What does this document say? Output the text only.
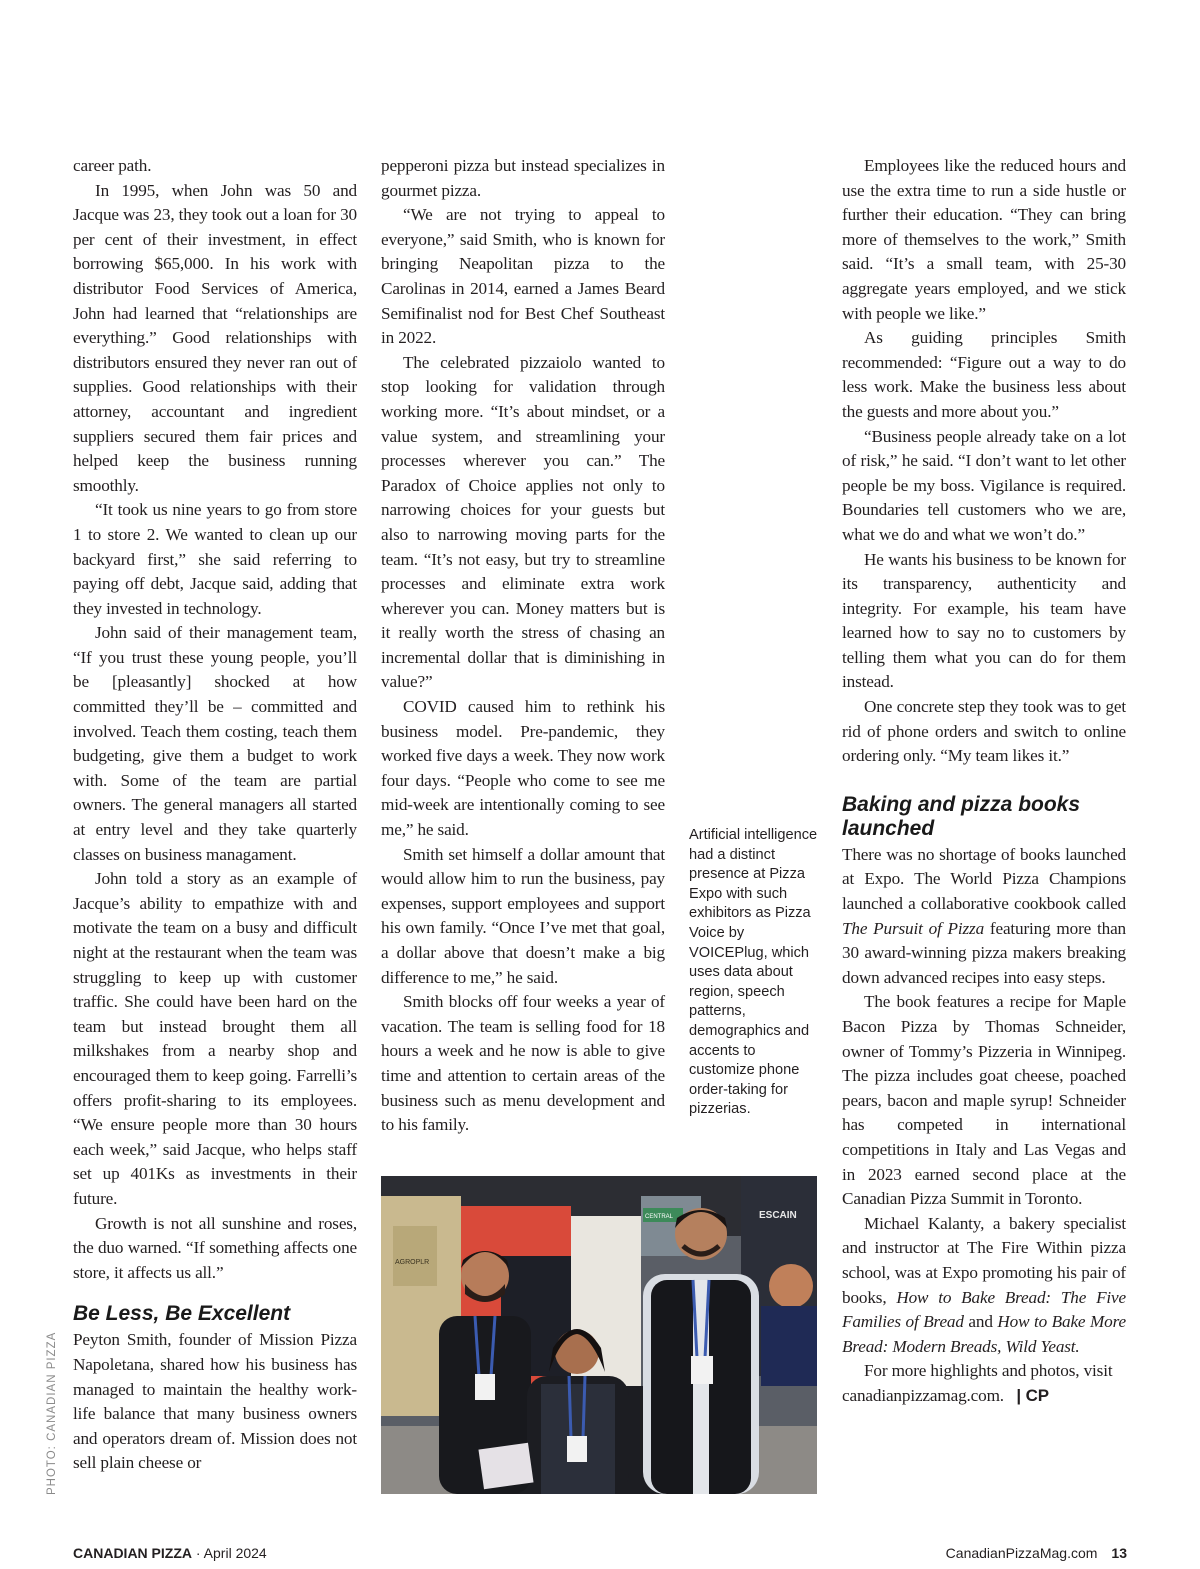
career path.

In 1995, when John was 50 and Jacque was 23, they took out a loan for 30 per cent of their investment, in effect borrowing $65,000. In his work with distributor Food Services of America, John had learned that “relationships are everything.” Good relationships with distributors ensured they never ran out of supplies. Good relationships with their attorney, accountant and ingredient suppliers secured them fair prices and helped keep the business running smoothly.

“It took us nine years to go from store 1 to store 2. We wanted to clean up our backyard first,” she said referring to paying off debt, Jacque said, adding that they invested in technology.

John said of their management team, “If you trust these young people, you’ll be [pleasantly] shocked at how committed they’ll be – committed and involved. Teach them costing, teach them budgeting, give them a budget to work with. Some of the team are partial owners. The general managers all started at entry level and they take quarterly classes on business managament.

John told a story as an example of Jacque’s ability to empathize with and motivate the team on a busy and difficult night at the restaurant when the team was struggling to keep up with customer traffic. She could have been hard on the team but instead brought them all milkshakes from a nearby shop and encouraged them to keep going. Farrelli’s offers profit-sharing to its employees. “We ensure people more than 30 hours each week,” said Jacque, who helps staff set up 401Ks as investments in their future.

Growth is not all sunshine and roses, the duo warned. “If something affects one store, it affects us all.”

Be Less, Be Excellent

Peyton Smith, founder of Mission Pizza Napoletana, shared how his business has managed to maintain the healthy work-life balance that many business owners and operators dream of. Mission does not sell plain cheese or

pepperoni pizza but instead specializes in gourmet pizza.

“We are not trying to appeal to everyone,” said Smith, who is known for bringing Neapolitan pizza to the Carolinas in 2014, earned a James Beard Semifinalist nod for Best Chef Southeast in 2022.

The celebrated pizzaiolo wanted to stop looking for validation through working more. “It’s about mindset, or a value system, and streamlining your processes wherever you can.” The Paradox of Choice applies not only to narrowing choices for your guests but also to narrowing moving parts for the team. “It’s not easy, but try to streamline processes and eliminate extra work wherever you can. Money matters but is it really worth the stress of chasing an incremental dollar that is diminishing in value?”

COVID caused him to rethink his business model. Pre-pandemic, they worked five days a week. They now work four days. “People who come to see me mid-week are intentionally coming to see me,” he said.

Smith set himself a dollar amount that would allow him to run the business, pay expenses, support employees and support his own family. “Once I’ve met that goal, a dollar above that doesn’t make a big difference to me,” he said.

Smith blocks off four weeks a year of vacation. The team is selling food for 18 hours a week and he now is able to give time and attention to certain areas of the business such as menu development and to his family.

Artificial intelligence had a distinct presence at Pizza Expo with such exhibitors as Pizza Voice by VOICEPlug, which uses data about region, speech patterns, demographics and accents to customize phone order-taking for pizzerias.
AGROPLR
CENTRAL	ESCAIN

Employees like the reduced hours and use the extra time to run a side hustle or further their education. “They can bring more of themselves to the work,” Smith said. “It’s a small team, with 25-30 aggregate years employed, and we stick with people we like.”

As guiding principles Smith recommended: “Figure out a way to do less work. Make the business less about the guests and more about you.”

“Business people already take on a lot of risk,” he said. “I don’t want to let other people be my boss. Vigilance is required. Boundaries tell customers who we are, what we do and what we won’t do.”

He wants his business to be known for its transparency, authenticity and integrity. For example, his team have learned how to say no to customers by telling them what you can do for them instead.

One concrete step they took was to get rid of phone orders and switch to online ordering only. “My team likes it.”

Baking and pizza books launched

There was no shortage of books launched at Expo. The World Pizza Champions launched a collaborative cookbook called The Pursuit of Pizza featuring more than 30 award-winning pizza makers breaking down advanced recipes into easy steps.

The book features a recipe for Maple Bacon Pizza by Thomas Schneider, owner of Tommy’s Pizzeria in Winnipeg. The pizza includes goat cheese, poached pears, bacon and maple syrup! Schneider has competed in international competitions in Italy and Las Vegas and in 2023 earned second place at the Canadian Pizza Summit in Toronto.

Michael Kalanty, a bakery specialist and instructor at The Fire Within pizza school, was at Expo promoting his pair of books, How to Bake Bread: The Five Families of Bread and How to Bake More Bread: Modern Breads, Wild Yeast.

For more highlights and photos, visit canadianpizzamag.com. | CP

PHOTO: CANADIAN PIZZA
CANADIAN PIZZA · April 2024	CanadianPizzaMag.com 13
